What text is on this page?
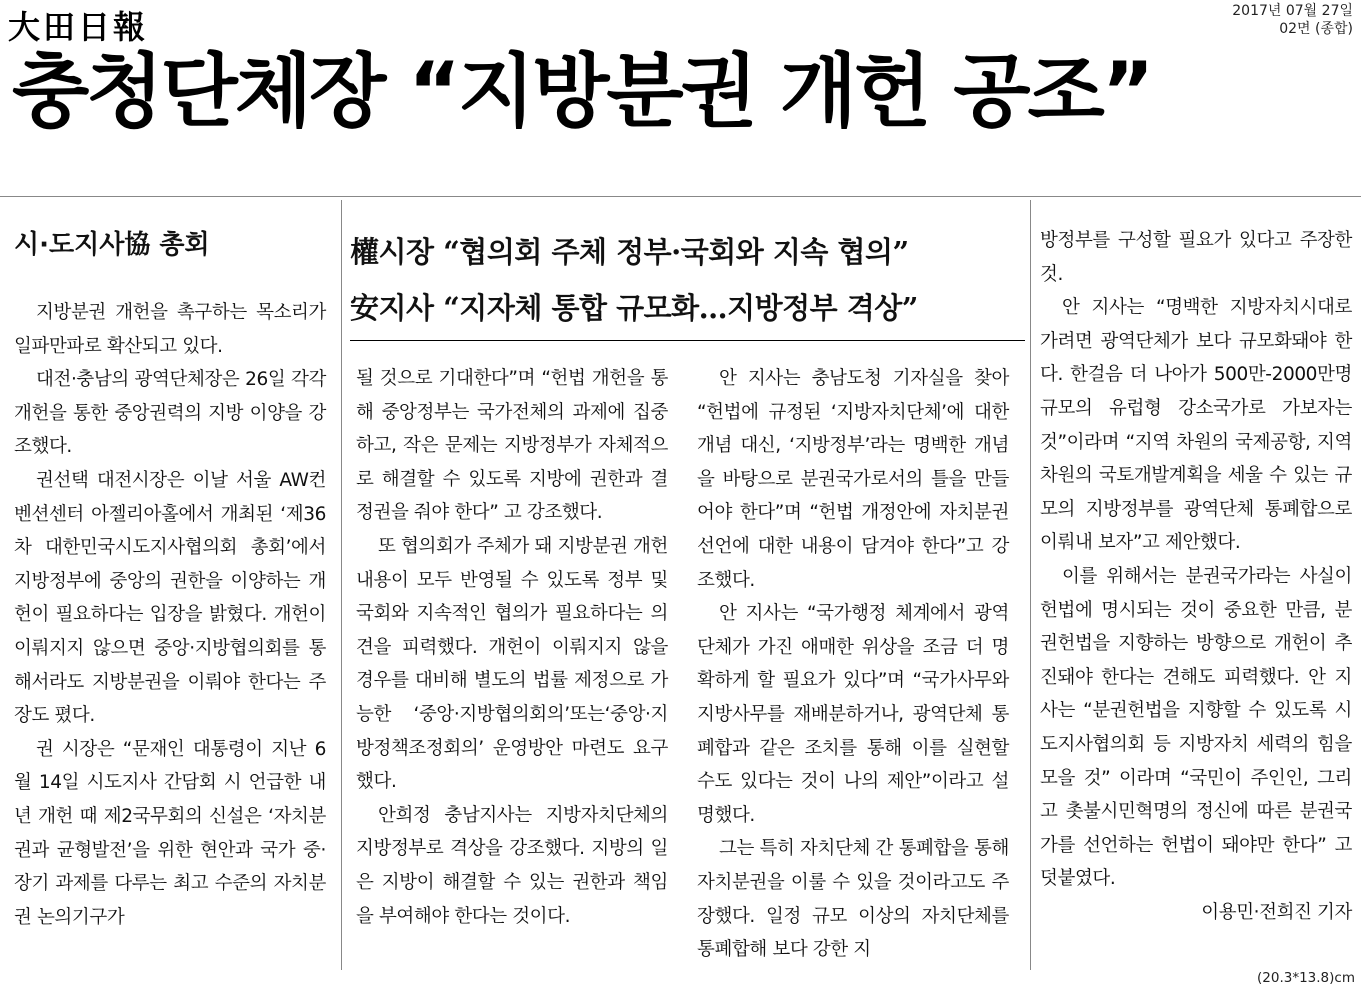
大田日報	2017년 07월 27일
02면 (종합)
충청단체장 “지방분권 개헌 공조”
시·도지사協 총회	權시장 “협의회 주체 정부·국회와 지속 협의”
安지사 “지자체 통합 규모화…지방정부 격상”

지방분권 개헌을 촉구하는 목소리가 일파만파로 확산되고 있다.

대전·충남의 광역단체장은 26일 각각 개헌을 통한 중앙권력의 지방 이양을 강조했다.

권선택 대전시장은 이날 서울 AW컨벤션센터 아젤리아홀에서 개최된 ‘제36차 대한민국시도지사협의회 총회’에서 지방정부에 중앙의 권한을 이양하는 개헌이 필요하다는 입장을 밝혔다. 개헌이 이뤄지지 않으면 중앙·지방협의회를 통해서라도 지방분권을 이뤄야 한다는 주장도 폈다.

권 시장은 “문재인 대통령이 지난 6월 14일 시도지사 간담회 시 언급한 내년 개헌 때 제2국무회의 신설은 ‘자치분권과 균형발전’을 위한 현안과 국가 중·장기 과제를 다루는 최고 수준의 자치분권 논의기구가

될 것으로 기대한다”며 “헌법 개헌을 통해 중앙정부는 국가전체의 과제에 집중하고, 작은 문제는 지방정부가 자체적으로 해결할 수 있도록 지방에 권한과 결정권을 줘야 한다” 고 강조했다.

또 협의회가 주체가 돼 지방분권 개헌 내용이 모두 반영될 수 있도록 정부 및 국회와 지속적인 협의가 필요하다는 의견을 피력했다. 개헌이 이뤄지지 않을 경우를 대비해 별도의 법률 제정으로 가능한 ‘중앙·지방협의회의’또는‘중앙·지방정책조정회의’ 운영방안 마련도 요구했다.

안희정 충남지사는 지방자치단체의 지방정부로 격상을 강조했다. 지방의 일은 지방이 해결할 수 있는 권한과 책임을 부여해야 한다는 것이다.

안 지사는 충남도청 기자실을 찾아 “헌법에 규정된 ‘지방자치단체’에 대한 개념 대신, ‘지방정부’라는 명백한 개념을 바탕으로 분권국가로서의 틀을 만들어야 한다”며 “헌법 개정안에 자치분권 선언에 대한 내용이 담겨야 한다”고 강조했다.

안 지사는 “국가행정 체계에서 광역단체가 가진 애매한 위상을 조금 더 명확하게 할 필요가 있다”며 “국가사무와 지방사무를 재배분하거나, 광역단체 통폐합과 같은 조치를 통해 이를 실현할 수도 있다는 것이 나의 제안”이라고 설명했다.

그는 특히 자치단체 간 통폐합을 통해 자치분권을 이룰 수 있을 것이라고도 주장했다. 일정 규모 이상의 자치단체를 통폐합해 보다 강한 지

방정부를 구성할 필요가 있다고 주장한 것.

안 지사는 “명백한 지방자치시대로 가려면 광역단체가 보다 규모화돼야 한다. 한걸음 더 나아가 500만-2000만명 규모의 유럽형 강소국가로 가보자는 것”이라며 “지역 차원의 국제공항, 지역 차원의 국토개발계획을 세울 수 있는 규모의 지방정부를 광역단체 통폐합으로 이뤄내 보자”고 제안했다.

이를 위해서는 분권국가라는 사실이 헌법에 명시되는 것이 중요한 만큼, 분권헌법을 지향하는 방향으로 개헌이 추진돼야 한다는 견해도 피력했다. 안 지사는 “분권헌법을 지향할 수 있도록 시도지사협의회 등 지방자치 세력의 힘을 모을 것” 이라며 “국민이 주인인, 그리고 촛불시민혁명의 정신에 따른 분권국가를 선언하는 헌법이 돼야만 한다” 고 덧붙였다.

이용민·전희진 기자
(20.3*13.8)cm
